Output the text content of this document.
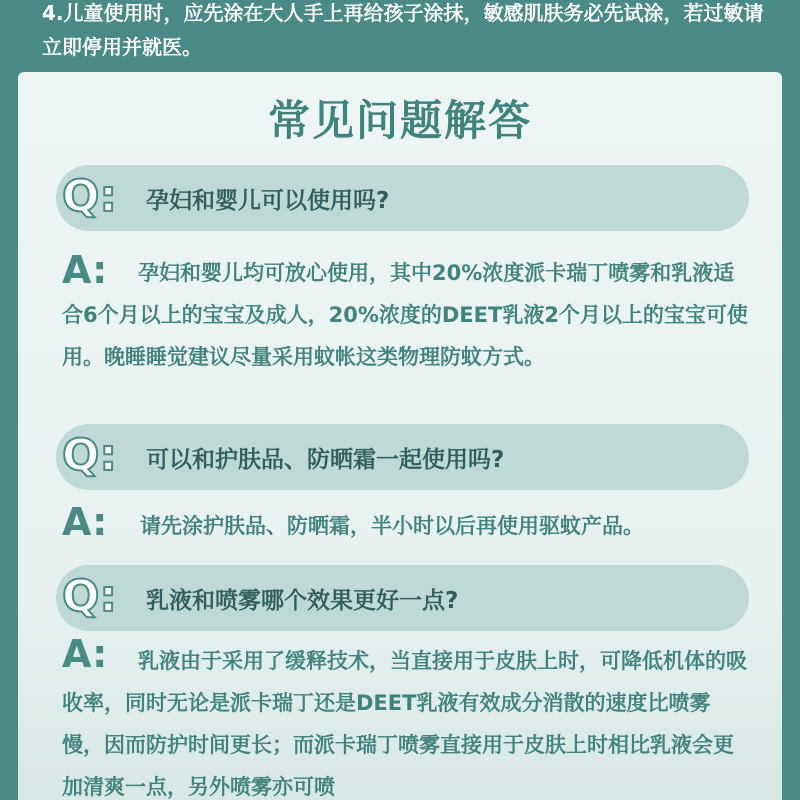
4.儿童使用时，应先涂在大人手上再给孩子涂抹，敏感肌肤务必先试涂，若过敏请立即停用并就医。
常见问题解答
Q: 孕妇和婴儿可以使用吗?
A:	孕妇和婴儿均可放心使用，其中20%浓度派卡瑞丁喷雾和乳液适合6个月以上的宝宝及成人，20%浓度的DEET乳液2个月以上的宝宝可使用。晚睡睡觉建议尽量采用蚊帐这类物理防蚊方式。
Q: 可以和护肤品、防晒霜一起使用吗?
A:	请先涂护肤品、防晒霜，半小时以后再使用驱蚊产品。
Q: 乳液和喷雾哪个效果更好一点?
A:	乳液由于采用了缓释技术，当直接用于皮肤上时，可降低机体的吸收率，同时无论是派卡瑞丁还是DEET乳液有效成分消散的速度比喷雾慢，因而防护时间更长；而派卡瑞丁喷雾直接用于皮肤上时相比乳液会更加清爽一点，另外喷雾亦可喷
